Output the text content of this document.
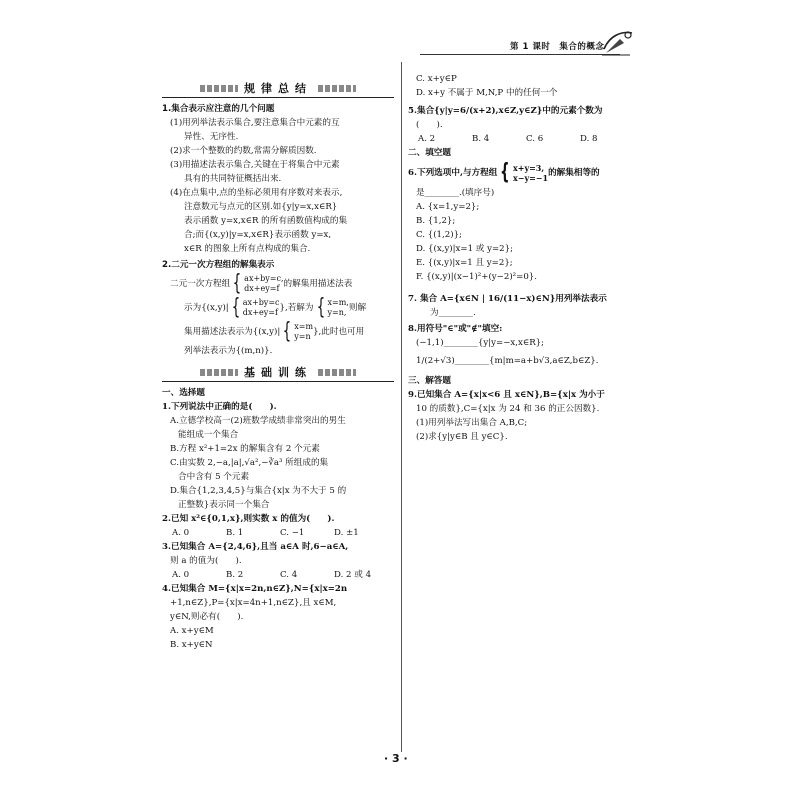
第 1 课时　集合的概念
规律总结
1.集合表示应注意的几个问题
(1)用列举法表示集合,要注意集合中元素的互
异性、无序性.
(2)求一个整数的约数,常需分解质因数.
(3)用描述法表示集合,关键在于将集合中元素
具有的共同特征概括出来.
(4)在点集中,点的坐标必须用有序数对来表示,
注意数元与点元的区别.如{y|y=x,x∈R}
表示函数 y=x,x∈R 的所有函数值构成的集
合;而{(x,y)|y=x,x∈R}表示函数 y=x,
x∈R 的图象上所有点构成的集合.
2.二元一次方程组的解集表示
二元一次方程组 { ax+by=c,
dx+ey=f 的解集用描述法表
示为{(x,y)| { ax+by=c
dx+ey=f },若解为 { x=m,
y=n, 则解
集用描述法表示为{(x,y)| { x=m
y=n },此时也可用
列举法表示为{(m,n)}.
基础训练
一、选择题
1.下列说法中正确的是(　　).
A.立德学校高一(2)班数学成绩非常突出的男生
能组成一个集合
B.方程 x²+1=2x 的解集含有 2 个元素
C.由实数 2,−a,|a|,√a²,−∛a³ 所组成的集
合中含有 5 个元素
D.集合{1,2,3,4,5}与集合{x|x 为不大于 5 的
正整数}表示同一个集合
2.已知 x²∈{0,1,x},则实数 x 的值为(　　).
A. 0	B. 1	C. −1	D. ±1
3.已知集合 A={2,4,6},且当 a∈A 时,6−a∈A,
则 a 的值为(　　).
A. 0	B. 2	C. 4	D. 2 或 4
4.已知集合 M={x|x=2n,n∈Z},N={x|x=2n
+1,n∈Z},P={x|x=4n+1,n∈Z},且 x∈M,
y∈N,则必有(　　).
A. x+y∈M
B. x+y∈N
C. x+y∈P
D. x+y 不属于 M,N,P 中的任何一个
5.集合{y|y=6/(x+2),x∈Z,y∈Z}中的元素个数为
(　　).
A. 2	B. 4	C. 6	D. 8
二、填空题
6.下列选项中,与方程组 { x+y=3,
x−y=−1 的解集相等的
是________.(填序号)
A. {x=1,y=2};
B. {1,2};
C. {(1,2)};
D. {(x,y)|x=1 或 y=2};
E. {(x,y)|x=1 且 y=2};
F. {(x,y)|(x−1)²+(y−2)²=0}.
7. 集合 A={x∈N | 16/(11−x)∈N}用列举法表示
为________.
8.用符号"∈"或"∉"填空:
(−1,1)________{y|y=−x,x∈R};
1/(2+√3)________{m|m=a+b√3,a∈Z,b∈Z}.
三、解答题
9.已知集合 A={x|x<6 且 x∈N},B={x|x 为小于
10 的质数},C={x|x 为 24 和 36 的正公因数}.
(1)用列举法写出集合 A,B,C;
(2)求{y|y∈B 且 y∈C}.
· 3 ·
